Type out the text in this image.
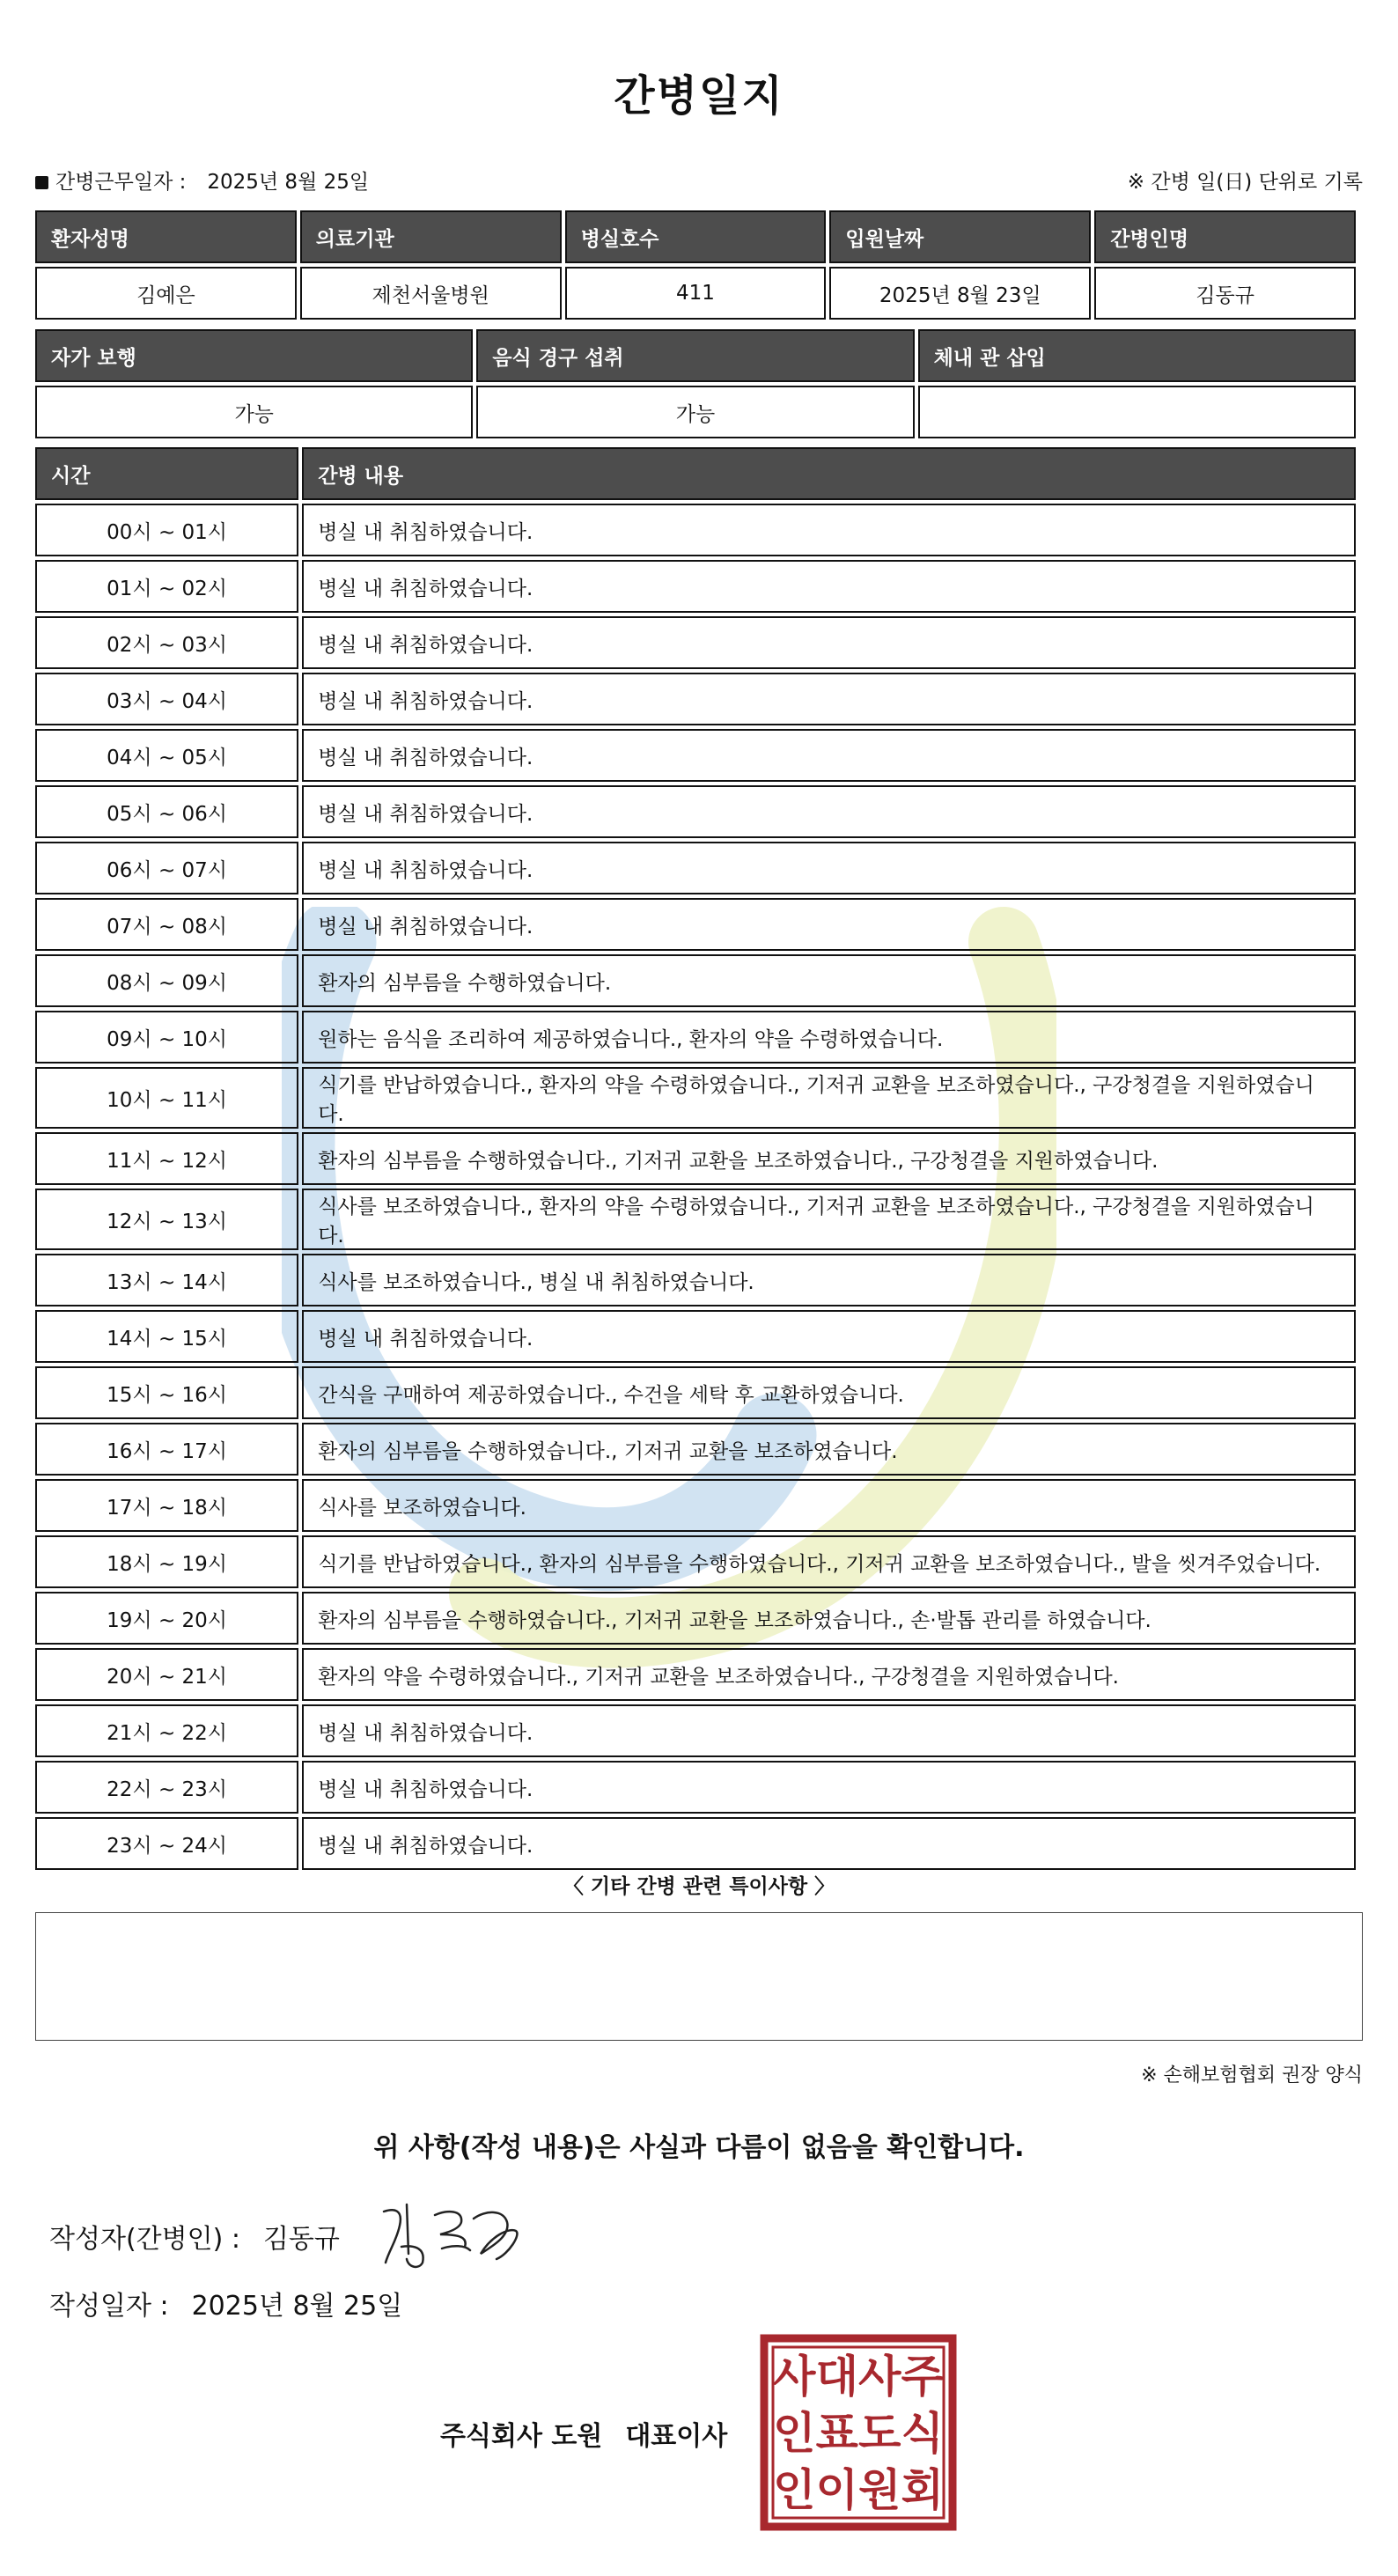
간병일지
간병근무일자 : 2025년 8월 25일	※ 간병 일(日) 단위로 기록
환자성명	의료기관	병실호수	입원날짜	간병인명
김예은	제천서울병원	411	2025년 8월 23일	김동규
자가 보행	음식 경구 섭취	체내 관 삽입
가능	가능	
시간	간병 내용
00시 ~ 01시	병실 내 취침하였습니다.
01시 ~ 02시	병실 내 취침하였습니다.
02시 ~ 03시	병실 내 취침하였습니다.
03시 ~ 04시	병실 내 취침하였습니다.
04시 ~ 05시	병실 내 취침하였습니다.
05시 ~ 06시	병실 내 취침하였습니다.
06시 ~ 07시	병실 내 취침하였습니다.
07시 ~ 08시	병실 내 취침하였습니다.
08시 ~ 09시	환자의 심부름을 수행하였습니다.
09시 ~ 10시	원하는 음식을 조리하여 제공하였습니다., 환자의 약을 수령하였습니다.
10시 ~ 11시	식기를 반납하였습니다., 환자의 약을 수령하였습니다., 기저귀 교환을 보조하였습니다., 구강청결을 지원하였습니다.
11시 ~ 12시	환자의 심부름을 수행하였습니다., 기저귀 교환을 보조하였습니다., 구강청결을 지원하였습니다.
12시 ~ 13시	식사를 보조하였습니다., 환자의 약을 수령하였습니다., 기저귀 교환을 보조하였습니다., 구강청결을 지원하였습니다.
13시 ~ 14시	식사를 보조하였습니다., 병실 내 취침하였습니다.
14시 ~ 15시	병실 내 취침하였습니다.
15시 ~ 16시	간식을 구매하여 제공하였습니다., 수건을 세탁 후 교환하였습니다.
16시 ~ 17시	환자의 심부름을 수행하였습니다., 기저귀 교환을 보조하였습니다.
17시 ~ 18시	식사를 보조하였습니다.
18시 ~ 19시	식기를 반납하였습니다., 환자의 심부름을 수행하였습니다., 기저귀 교환을 보조하였습니다., 발을 씻겨주었습니다.
19시 ~ 20시	환자의 심부름을 수행하였습니다., 기저귀 교환을 보조하였습니다., 손·발톱 관리를 하였습니다.
20시 ~ 21시	환자의 약을 수령하였습니다., 기저귀 교환을 보조하였습니다., 구강청결을 지원하였습니다.
21시 ~ 22시	병실 내 취침하였습니다.
22시 ~ 23시	병실 내 취침하였습니다.
23시 ~ 24시	병실 내 취침하였습니다.
〈 기타 간병 관련 특이사항 〉
※ 손해보험협회 권장 양식
위 사항(작성 내용)은 사실과 다름이 없음을 확인합니다.
작성자(간병인) : 김동규
작성일자 : 2025년 8월 25일
주식회사 도원 대표이사
주
식
회
사
도
원
대
표
이
사
인
인
